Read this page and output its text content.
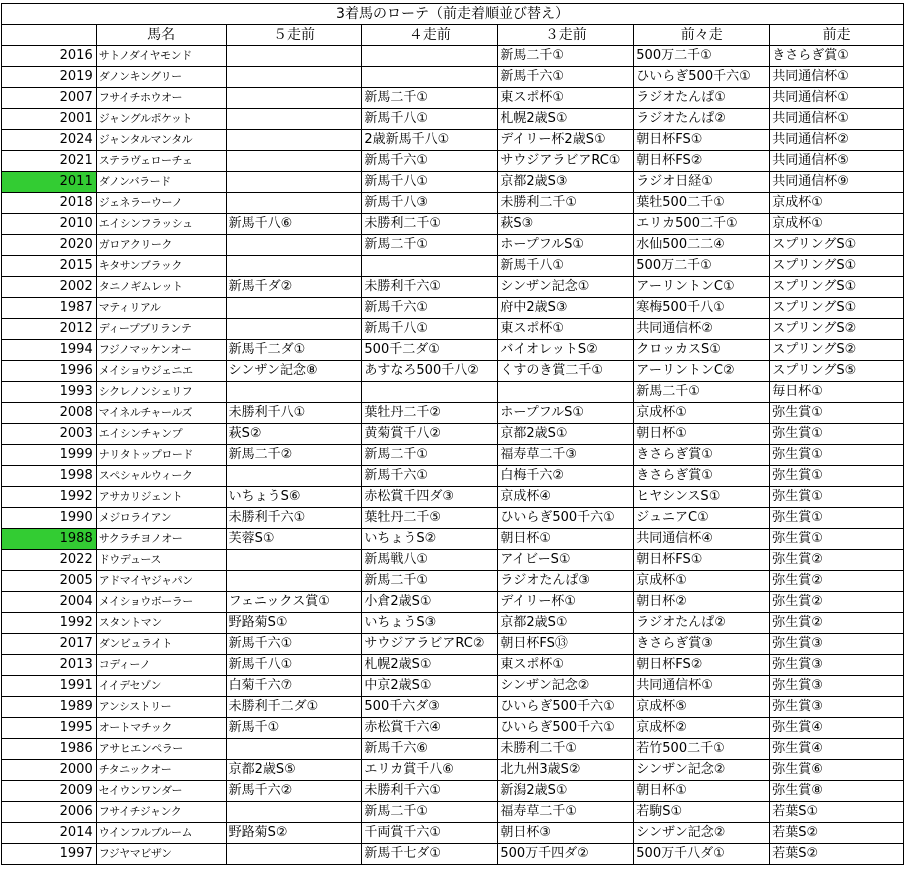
3着馬のローテ（前走着順並び替え）						
	馬名	５走前	４走前	３走前	前々走	前走
2016	サトノダイヤモンド			新馬二千①	500万二千①	きさらぎ賞①
2019	ダノンキングリー			新馬千六①	ひいらぎ500千六①	共同通信杯①
2007	フサイチホウオー		新馬二千①	東スポ杯①	ラジオたんぱ①	共同通信杯①
2001	ジャングルポケット		新馬千八①	札幌2歳S①	ラジオたんぱ②	共同通信杯①
2024	ジャンタルマンタル		2歳新馬千八①	デイリー杯2歳S①	朝日杯FS①	共同通信杯②
2021	ステラヴェローチェ		新馬千六①	サウジアラビアRC①	朝日杯FS②	共同通信杯⑤
2011	ダノンバラード		新馬千八①	京都2歳S③	ラジオ日経①	共同通信杯⑨
2018	ジェネラーウーノ		新馬千八③	未勝利二千①	葉牡500二千①	京成杯①
2010	エイシンフラッシュ	新馬千八⑥	未勝利二千①	萩S③	エリカ500二千①	京成杯①
2020	ガロアクリーク		新馬二千①	ホープフルS①	水仙500二二④	スプリングS①
2015	キタサンブラック			新馬千八①	500万二千①	スプリングS①
2002	タニノギムレット	新馬千ダ②	未勝利千六①	シンザン記念①	アーリントンC①	スプリングS①
1987	マティリアル		新馬千六①	府中2歳S③	寒梅500千八①	スプリングS①
2012	ディープブリランテ		新馬千八①	東スポ杯①	共同通信杯②	スプリングS②
1994	フジノマッケンオー	新馬千二ダ①	500千二ダ①	バイオレットS②	クロッカスS①	スプリングS②
1996	メイショウジェニエ	シンザン記念⑧	あすなろ500千八②	くすのき賞二千①	アーリントンC②	スプリングS⑤
1993	シクレノンシェリフ				新馬二千①	毎日杯①
2008	マイネルチャールズ	未勝利千八①	葉牡丹二千②	ホープフルS①	京成杯①	弥生賞①
2003	エイシンチャンプ	萩S②	黄菊賞千八②	京都2歳S①	朝日杯①	弥生賞①
1999	ナリタトップロード	新馬二千②	新馬二千①	福寿草二千③	きさらぎ賞①	弥生賞①
1998	スペシャルウィーク		新馬千六①	白梅千六②	きさらぎ賞①	弥生賞①
1992	アサカリジェント	いちょうS⑥	赤松賞千四ダ③	京成杯④	ヒヤシンスS①	弥生賞①
1990	メジロライアン	未勝利千六①	葉牡丹二千⑤	ひいらぎ500千六①	ジュニアC①	弥生賞①
1988	サクラチヨノオー	芙蓉S①	いちょうS②	朝日杯①	共同通信杯④	弥生賞①
2022	ドウデュース		新馬戦八①	アイビーS①	朝日杯FS①	弥生賞②
2005	アドマイヤジャパン		新馬二千①	ラジオたんぱ③	京成杯①	弥生賞②
2004	メイショウボーラー	フェニックス賞①	小倉2歳S①	デイリー杯①	朝日杯②	弥生賞②
1992	スタントマン	野路菊S①	いちょうS③	京都2歳S①	ラジオたんぱ②	弥生賞②
2017	ダンビュライト	新馬千六①	サウジアラビアRC②	朝日杯FS⑬	きさらぎ賞③	弥生賞③
2013	コディーノ	新馬千八①	札幌2歳S①	東スポ杯①	朝日杯FS②	弥生賞③
1991	イイデセゾン	白菊千六⑦	中京2歳S①	シンザン記念②	共同通信杯①	弥生賞③
1989	アンシストリー	未勝利千二ダ①	500千六ダ③	ひいらぎ500千六①	京成杯⑤	弥生賞③
1995	オートマチック	新馬千①	赤松賞千六④	ひいらぎ500千六①	京成杯②	弥生賞④
1986	アサヒエンペラー		新馬千六⑥	未勝利二千①	若竹500二千①	弥生賞④
2000	チタニックオー	京都2歳S⑤	エリカ賞千八⑥	北九州3歳S②	シンザン記念②	弥生賞⑥
2009	セイウンワンダー	新馬千六②	未勝利千六①	新潟2歳S①	朝日杯①	弥生賞⑧
2006	フサイチジャンク		新馬二千①	福寿草二千①	若駒S①	若葉S①
2014	ウインフルブルーム	野路菊S②	千両賞千六①	朝日杯③	シンザン記念②	若葉S②
1997	フジヤマビザン		新馬千七ダ①	500万千四ダ②	500万千八ダ①	若葉S②
